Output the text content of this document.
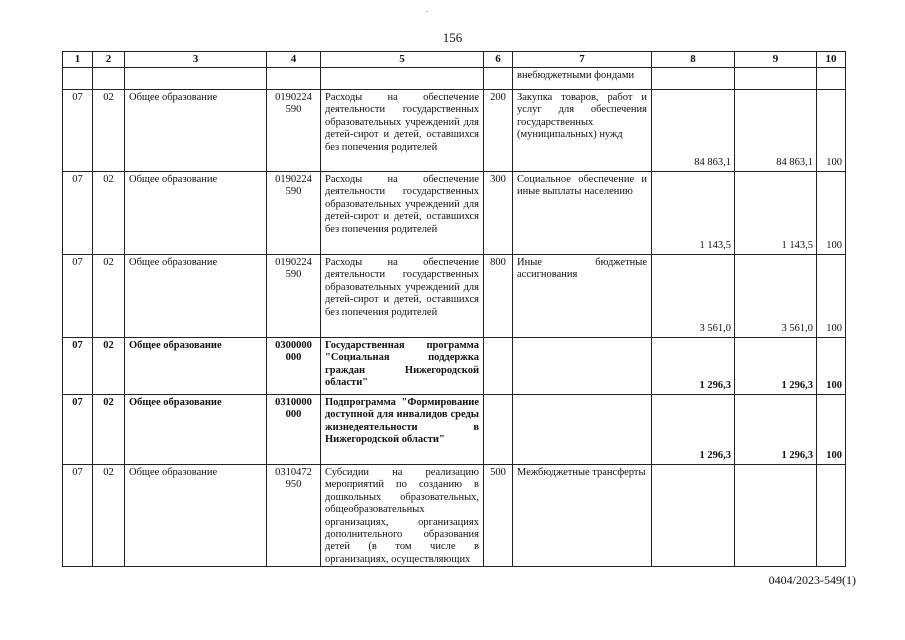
.
156
1	2	3	4	5	6	7	8	9	10
						внебюджетными фондами			
07	02	Общее образование	0190224 590	Расходы на обеспечение деятельности государственных образовательных учреждений для детей-сирот и детей, оставшихся без попечения родителей	200	Закупка товаров, работ и услуг для обеспечения государственных (муниципальных) нужд	84 863,1	84 863,1	100
07	02	Общее образование	0190224 590	Расходы на обеспечение деятельности государственных образовательных учреждений для детей-сирот и детей, оставшихся без попечения родителей	300	Социальное обеспечение и иные выплаты населению	1 143,5	1 143,5	100
07	02	Общее образование	0190224 590	Расходы на обеспечение деятельности государственных образовательных учреждений для детей-сирот и детей, оставшихся без попечения родителей	800	Иные бюджетные ассигнования	3 561,0	3 561,0	100
07	02	Общее образование	0300000 000	Государственная программа "Социальная поддержка граждан Нижегородской области"			1 296,3	1 296,3	100
07	02	Общее образование	0310000 000	Подпрограмма "Формирование доступной для инвалидов среды жизнедеятельности в Нижегородской области"			1 296,3	1 296,3	100
07	02	Общее образование	0310472 950	Субсидии на реализацию мероприятий по созданию в дошкольных образовательных, общеобразовательных организациях, организациях дополнительного образования детей (в том числе в организациях, осуществляющих	500	Межбюджетные трансферты			
0404/2023-549(1)
